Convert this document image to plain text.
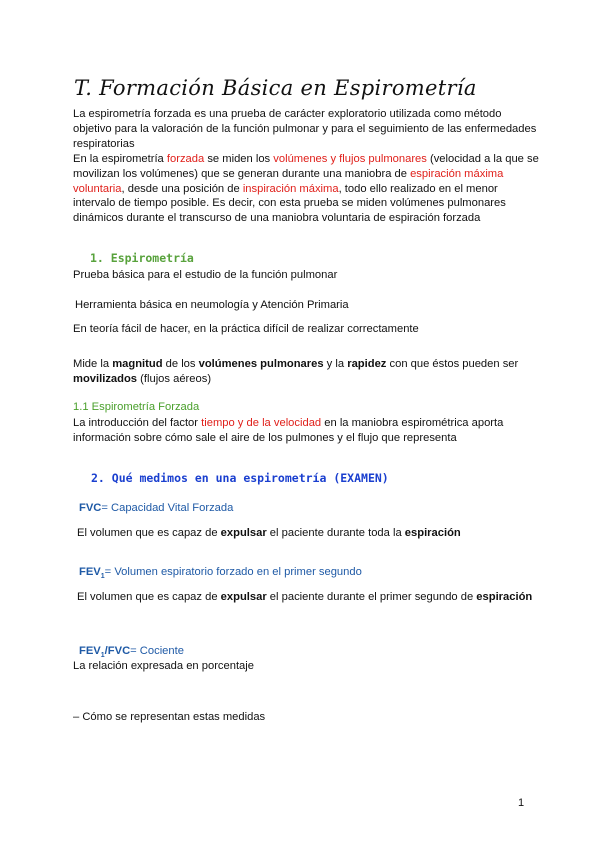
T. Formación Básica en Espirometría
La espirometría forzada es una prueba de carácter exploratorio utilizada como método objetivo para la valoración de la función pulmonar y para el seguimiento de las enfermedades respiratorias
En la espirometría forzada se miden los volúmenes y flujos pulmonares (velocidad a la que se movilizan los volúmenes) que se generan durante una maniobra de espiración máxima voluntaria, desde una posición de inspiración máxima, todo ello realizado en el menor intervalo de tiempo posible. Es decir, con esta prueba se miden volúmenes pulmonares dinámicos durante el transcurso de una maniobra voluntaria de espiración forzada
1. Espirometría
Prueba básica para el estudio de la función pulmonar
Herramienta básica en neumología y Atención Primaria
En teoría fácil de hacer, en la práctica difícil de realizar correctamente
Mide la magnitud de los volúmenes pulmonares y la rapidez con que éstos pueden ser movilizados (flujos aéreos)
1.1 Espirometría Forzada
La introducción del factor tiempo y de la velocidad en la maniobra espirométrica aporta información sobre cómo sale el aire de los pulmones y el flujo que representa
2. Qué medimos en una espirometría (EXAMEN)
FVC= Capacidad Vital Forzada
El volumen que es capaz de expulsar el paciente durante toda la espiración
$FEV_1=$ Volumen espiratorio forzado en el primer segundo
El volumen que es capaz de expulsar el paciente durante el primer segundo de espiración
$FEV_1/FVC=$ Cociente
La relación expresada en porcentaje
– Cómo se representan estas medidas
1
